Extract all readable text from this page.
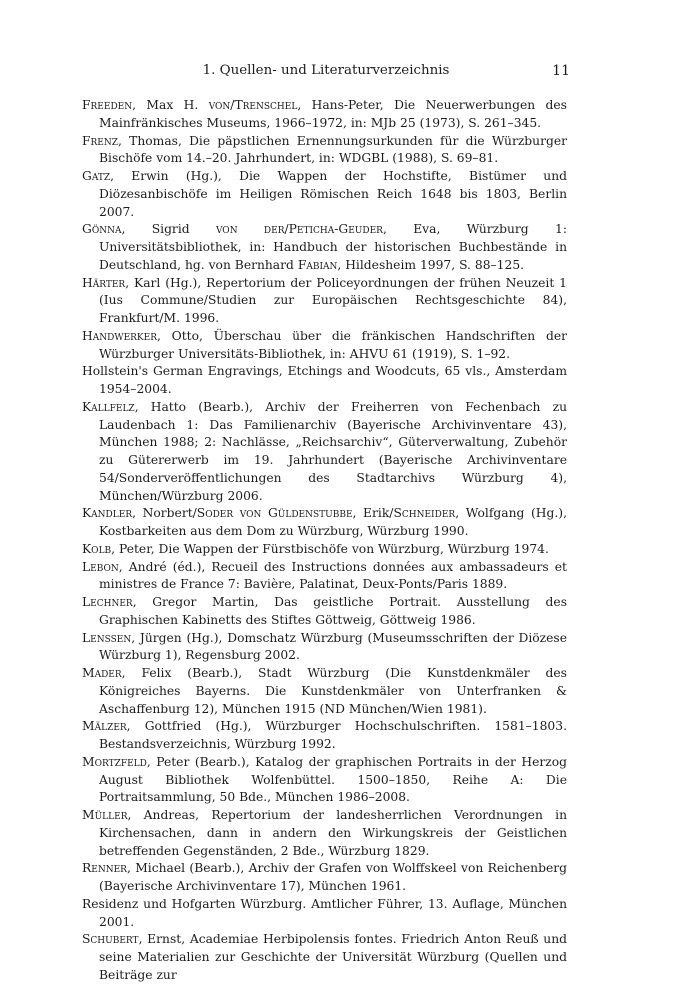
1. Quellen- und Literaturverzeichnis	11
Freeden, Max H. von/Trenschel, Hans-Peter, Die Neuerwerbungen des Mainfränkisches Museums, 1966–1972, in: MJb 25 (1973), S. 261–345.
Frenz, Thomas, Die päpstlichen Ernennungsurkunden für die Würzburger Bischöfe vom 14.–20. Jahrhundert, in: WDGBL (1988), S. 69–81.
Gatz, Erwin (Hg.), Die Wappen der Hochstifte, Bistümer und Diözesanbischöfe im Heiligen Römischen Reich 1648 bis 1803, Berlin 2007.
Gönna, Sigrid von der/Peticha-Geuder, Eva, Würzburg 1: Universitätsbibliothek, in: Handbuch der historischen Buchbestände in Deutschland, hg. von Bernhard Fabian, Hildesheim 1997, S. 88–125.
Härter, Karl (Hg.), Repertorium der Policeyordnungen der frühen Neuzeit 1 (Ius Commune/Studien zur Europäischen Rechtsgeschichte 84), Frankfurt/M. 1996.
Handwerker, Otto, Überschau über die fränkischen Handschriften der Würzburger Universitäts-Bibliothek, in: AHVU 61 (1919), S. 1–92.
Hollstein's German Engravings, Etchings and Woodcuts, 65 vls., Amsterdam 1954–2004.
Kallfelz, Hatto (Bearb.), Archiv der Freiherren von Fechenbach zu Laudenbach 1: Das Familienarchiv (Bayerische Archivinventare 43), München 1988; 2: Nachlässe, „Reichsarchiv“, Güterverwaltung, Zubehör zu Gütererwerb im 19. Jahrhundert (Bayerische Archivinventare 54/Sonderveröffentlichungen des Stadtarchivs Würzburg 4), München/Würzburg 2006.
Kandler, Norbert/Soder von Güldenstubbe, Erik/Schneider, Wolfgang (Hg.), Kostbarkeiten aus dem Dom zu Würzburg, Würzburg 1990.
Kolb, Peter, Die Wappen der Fürstbischöfe von Würzburg, Würzburg 1974.
Lebon, André (éd.), Recueil des Instructions données aux ambassadeurs et ministres de France 7: Bavière, Palatinat, Deux-Ponts/Paris 1889.
Lechner, Gregor Martin, Das geistliche Portrait. Ausstellung des Graphischen Kabinetts des Stiftes Göttweig, Göttweig 1986.
Lenssen, Jürgen (Hg.), Domschatz Würzburg (Museumsschriften der Diözese Würzburg 1), Regensburg 2002.
Mader, Felix (Bearb.), Stadt Würzburg (Die Kunstdenkmäler des Königreiches Bayerns. Die Kunstdenkmäler von Unterfranken & Aschaffenburg 12), München 1915 (ND München/Wien 1981).
Mälzer, Gottfried (Hg.), Würzburger Hochschulschriften. 1581–1803. Bestandsverzeichnis, Würzburg 1992.
Mortzfeld, Peter (Bearb.), Katalog der graphischen Portraits in der Herzog August Bibliothek Wolfenbüttel. 1500–1850, Reihe A: Die Portraitsammlung, 50 Bde., München 1986–2008.
Müller, Andreas, Repertorium der landesherrlichen Verordnungen in Kirchensachen, dann in andern den Wirkungskreis der Geistlichen betreffenden Gegenständen, 2 Bde., Würzburg 1829.
Renner, Michael (Bearb.), Archiv der Grafen von Wolffskeel von Reichenberg (Bayerische Archivinventare 17), München 1961.
Residenz und Hofgarten Würzburg. Amtlicher Führer, 13. Auflage, München 2001.
Schubert, Ernst, Academiae Herbipolensis fontes. Friedrich Anton Reuß und seine Materialien zur Geschichte der Universität Würzburg (Quellen und Beiträge zur
